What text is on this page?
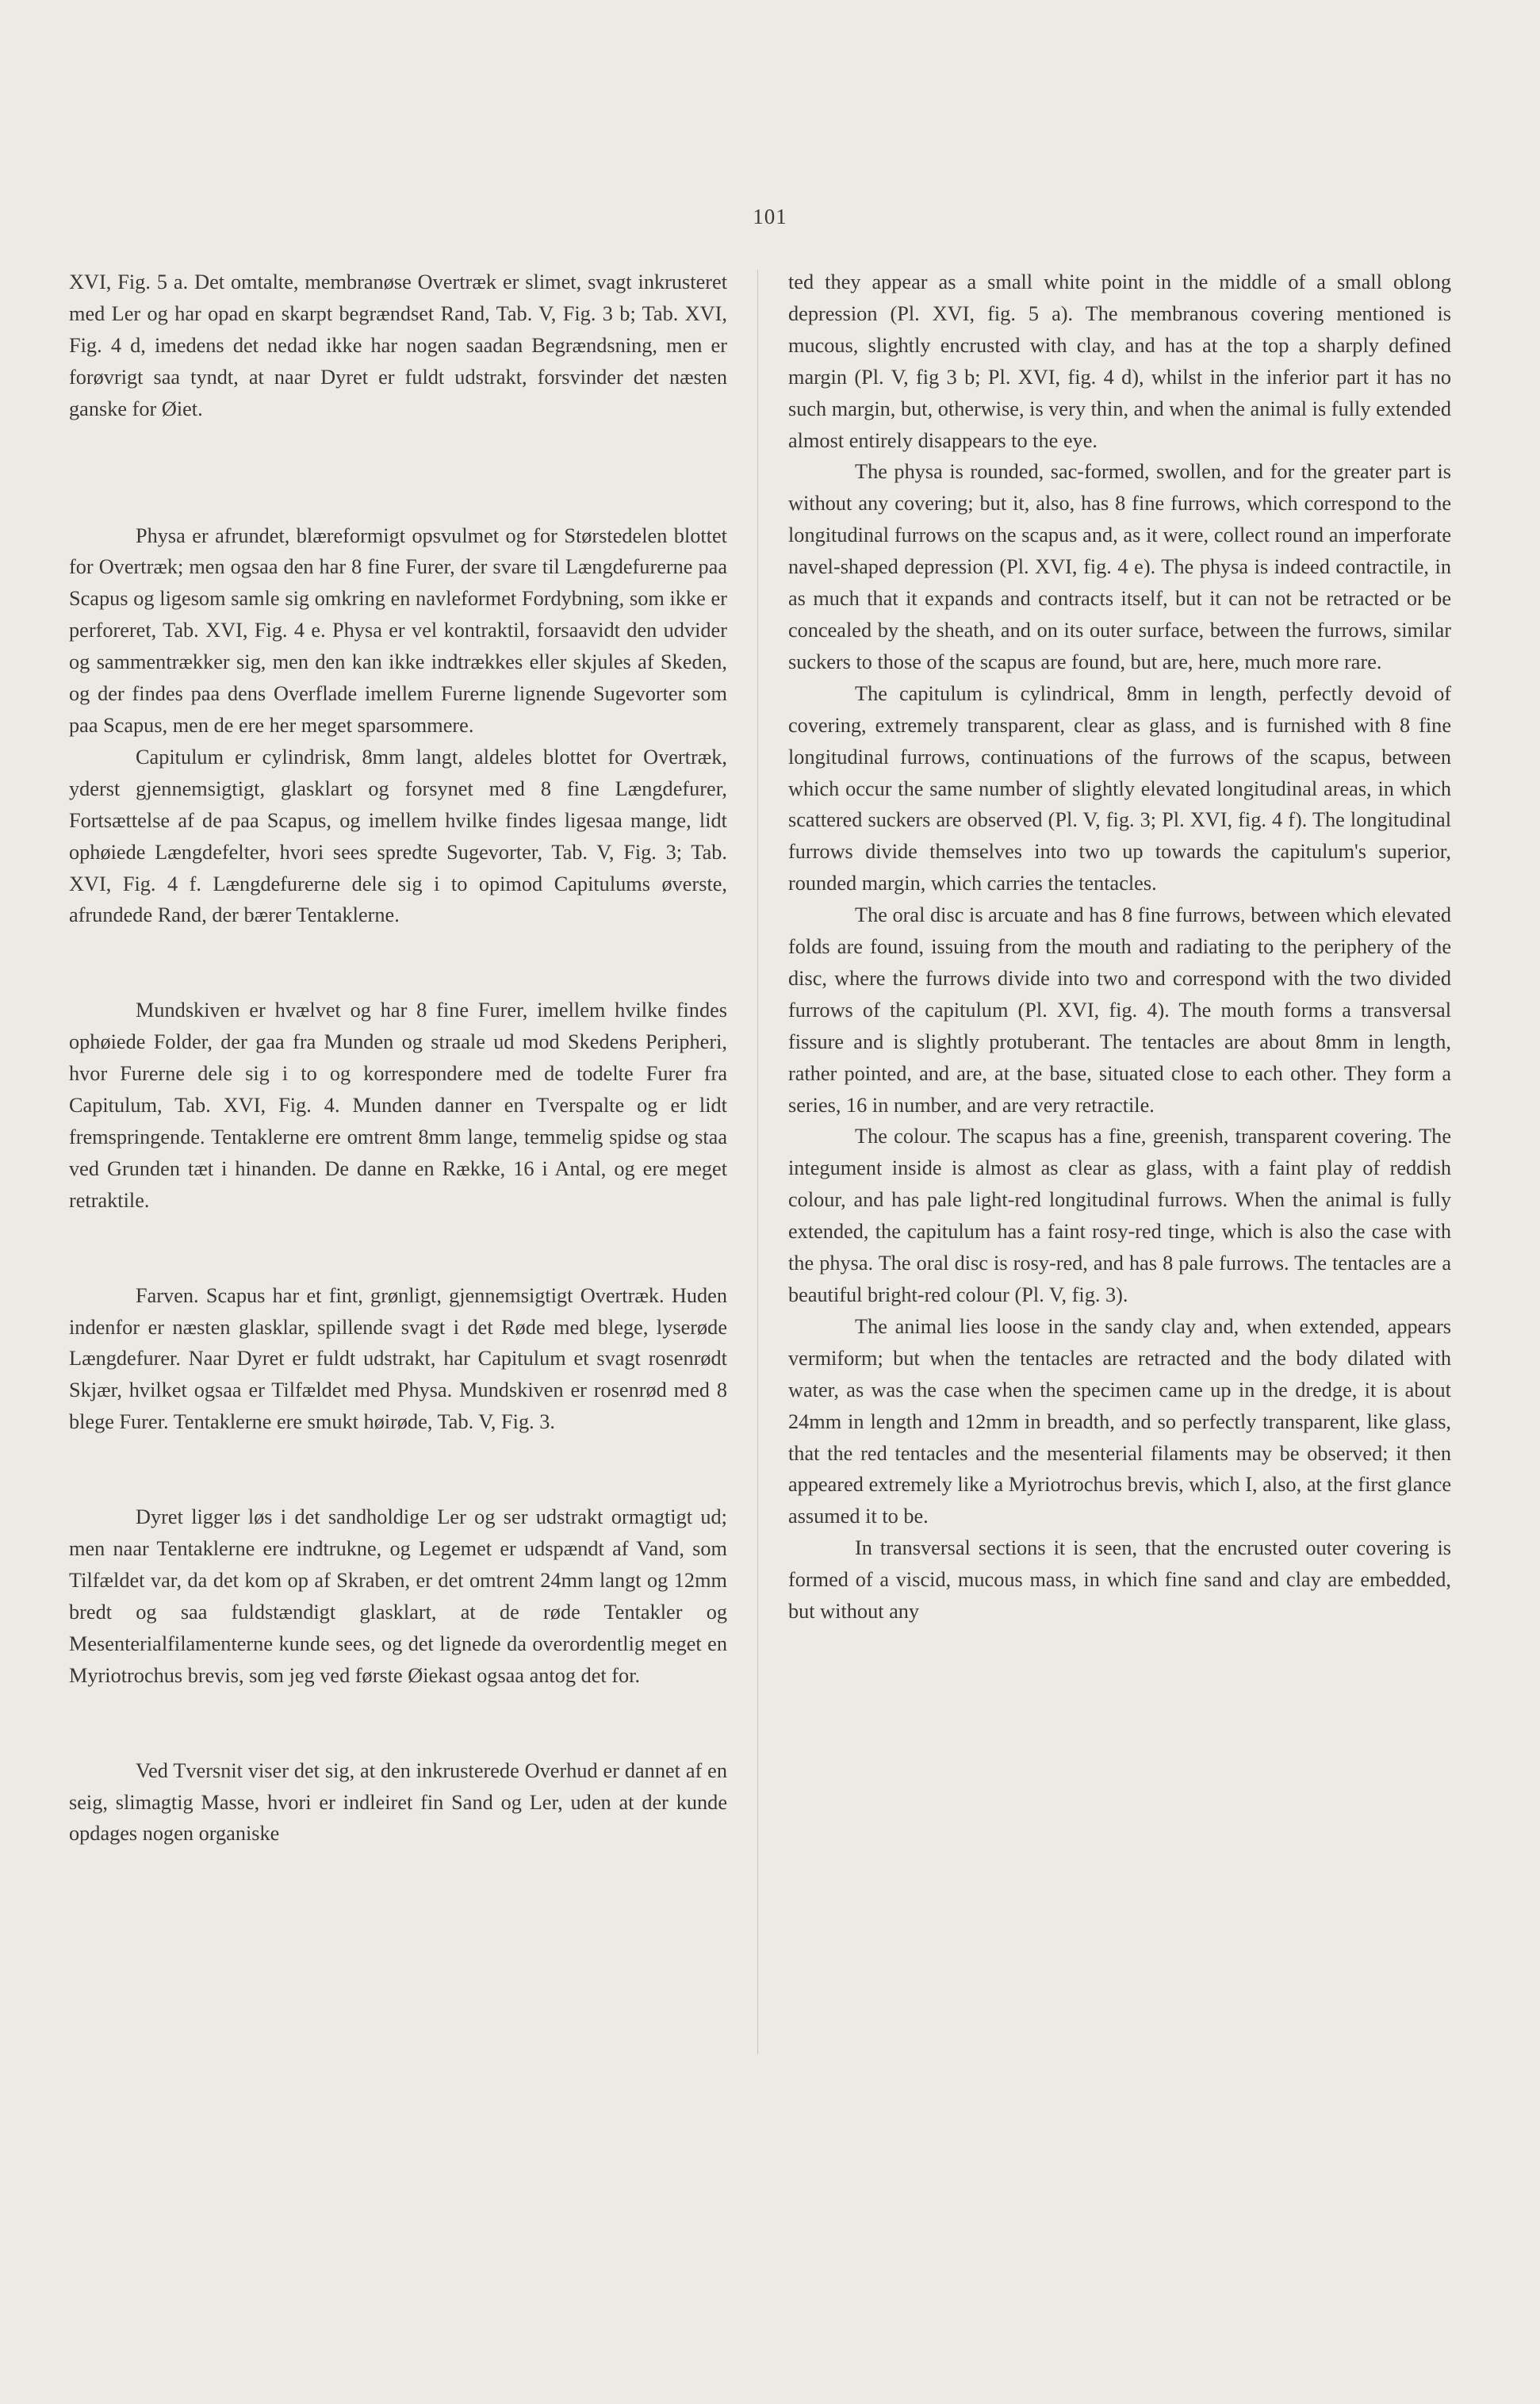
101

XVI, Fig. 5 a. Det omtalte, membranøse Overtræk er slimet, svagt inkrusteret med Ler og har opad en skarpt begrændset Rand, Tab. V, Fig. 3 b; Tab. XVI, Fig. 4 d, imedens det nedad ikke har nogen saadan Begrændsning, men er forøvrigt saa tyndt, at naar Dyret er fuldt udstrakt, forsvinder det næsten ganske for Øiet.

Physa er afrundet, blæreformigt opsvulmet og for Størstedelen blottet for Overtræk; men ogsaa den har 8 fine Furer, der svare til Længdefurerne paa Scapus og ligesom samle sig omkring en navleformet Fordybning, som ikke er perforeret, Tab. XVI, Fig. 4 e. Physa er vel kontraktil, forsaavidt den udvider og sammentrækker sig, men den kan ikke indtrækkes eller skjules af Skeden, og der findes paa dens Overflade imellem Furerne lignende Sugevorter som paa Scapus, men de ere her meget sparsommere.

Capitulum er cylindrisk, 8mm langt, aldeles blottet for Overtræk, yderst gjennemsigtigt, glasklart og forsynet med 8 fine Længdefurer, Fortsættelse af de paa Scapus, og imellem hvilke findes ligesaa mange, lidt ophøiede Længdefelter, hvori sees spredte Sugevorter, Tab. V, Fig. 3; Tab. XVI, Fig. 4 f. Længdefurerne dele sig i to opimod Capitulums øverste, afrundede Rand, der bærer Tentaklerne.

Mundskiven er hvælvet og har 8 fine Furer, imellem hvilke findes ophøiede Folder, der gaa fra Munden og straale ud mod Skedens Peripheri, hvor Furerne dele sig i to og korrespondere med de todelte Furer fra Capitulum, Tab. XVI, Fig. 4. Munden danner en Tverspalte og er lidt fremspringende. Tentaklerne ere omtrent 8mm lange, temmelig spidse og staa ved Grunden tæt i hinanden. De danne en Række, 16 i Antal, og ere meget retraktile.

Farven. Scapus har et fint, grønligt, gjennemsigtigt Overtræk. Huden indenfor er næsten glasklar, spillende svagt i det Røde med blege, lyserøde Længdefurer. Naar Dyret er fuldt udstrakt, har Capitulum et svagt rosenrødt Skjær, hvilket ogsaa er Tilfældet med Physa. Mundskiven er rosenrød med 8 blege Furer. Tentaklerne ere smukt høirøde, Tab. V, Fig. 3.

Dyret ligger løs i det sandholdige Ler og ser udstrakt ormagtigt ud; men naar Tentaklerne ere indtrukne, og Legemet er udspændt af Vand, som Tilfældet var, da det kom op af Skraben, er det omtrent 24mm langt og 12mm bredt og saa fuldstændigt glasklart, at de røde Tentakler og Mesenterialfilamenterne kunde sees, og det lignede da overordentlig meget en Myriotrochus brevis, som jeg ved første Øiekast ogsaa antog det for.

Ved Tversnit viser det sig, at den inkrusterede Overhud er dannet af en seig, slimagtig Masse, hvori er indleiret fin Sand og Ler, uden at der kunde opdages nogen organiske

ted they appear as a small white point in the middle of a small oblong depression (Pl. XVI, fig. 5 a). The membranous covering mentioned is mucous, slightly encrusted with clay, and has at the top a sharply defined margin (Pl. V, fig 3 b; Pl. XVI, fig. 4 d), whilst in the inferior part it has no such margin, but, otherwise, is very thin, and when the animal is fully extended almost entirely disappears to the eye.

The physa is rounded, sac-formed, swollen, and for the greater part is without any covering; but it, also, has 8 fine furrows, which correspond to the longitudinal furrows on the scapus and, as it were, collect round an imperforate navel-shaped depression (Pl. XVI, fig. 4 e). The physa is indeed contractile, in as much that it expands and contracts itself, but it can not be retracted or be concealed by the sheath, and on its outer surface, between the furrows, similar suckers to those of the scapus are found, but are, here, much more rare.

The capitulum is cylindrical, 8mm in length, perfectly devoid of covering, extremely transparent, clear as glass, and is furnished with 8 fine longitudinal furrows, continuations of the furrows of the scapus, between which occur the same number of slightly elevated longitudinal areas, in which scattered suckers are observed (Pl. V, fig. 3; Pl. XVI, fig. 4 f). The longitudinal furrows divide themselves into two up towards the capitulum's superior, rounded margin, which carries the tentacles.

The oral disc is arcuate and has 8 fine furrows, between which elevated folds are found, issuing from the mouth and radiating to the periphery of the disc, where the furrows divide into two and correspond with the two divided furrows of the capitulum (Pl. XVI, fig. 4). The mouth forms a transversal fissure and is slightly protuberant. The tentacles are about 8mm in length, rather pointed, and are, at the base, situated close to each other. They form a series, 16 in number, and are very retractile.

The colour. The scapus has a fine, greenish, transparent covering. The integument inside is almost as clear as glass, with a faint play of reddish colour, and has pale light-red longitudinal furrows. When the animal is fully extended, the capitulum has a faint rosy-red tinge, which is also the case with the physa. The oral disc is rosy-red, and has 8 pale furrows. The tentacles are a beautiful bright-red colour (Pl. V, fig. 3).

The animal lies loose in the sandy clay and, when extended, appears vermiform; but when the tentacles are retracted and the body dilated with water, as was the case when the specimen came up in the dredge, it is about 24mm in length and 12mm in breadth, and so perfectly transparent, like glass, that the red tentacles and the mesenterial filaments may be observed; it then appeared extremely like a Myriotrochus brevis, which I, also, at the first glance assumed it to be.

In transversal sections it is seen, that the encrusted outer covering is formed of a viscid, mucous mass, in which fine sand and clay are embedded, but without any
